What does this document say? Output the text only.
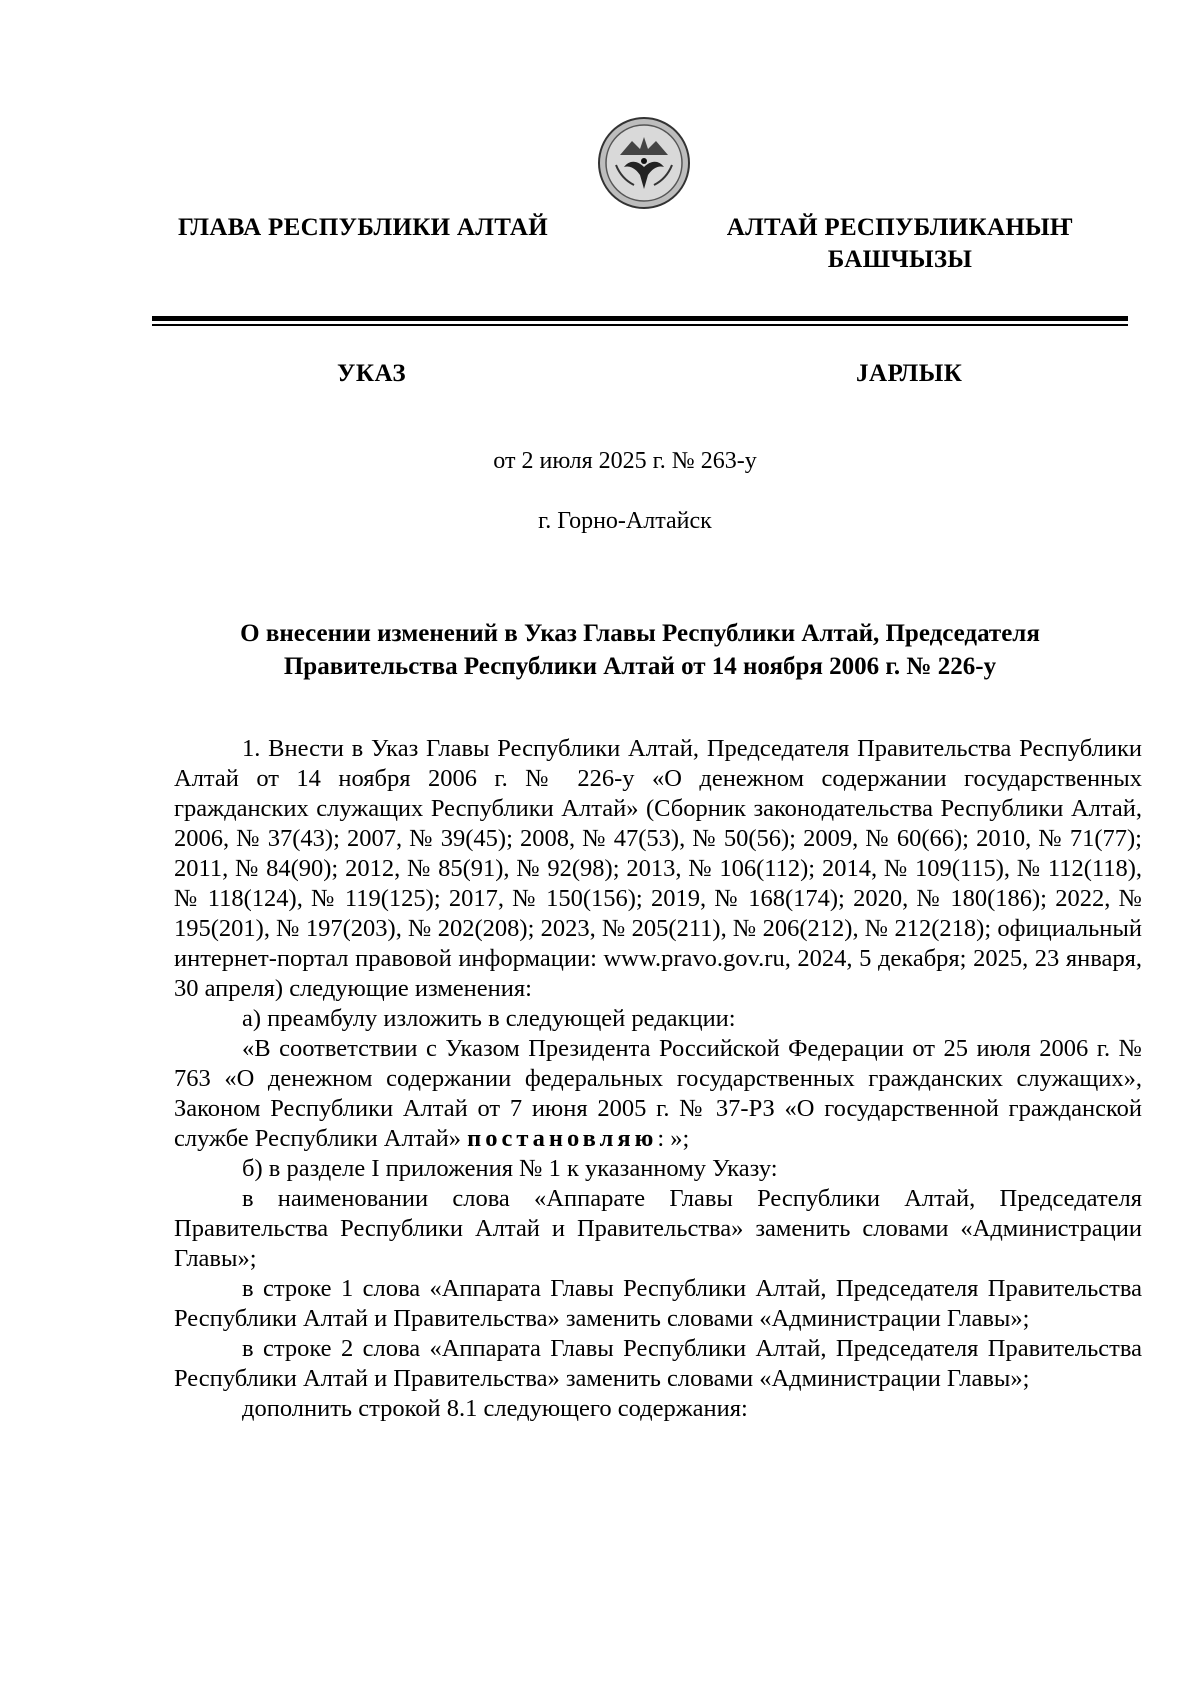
ГЛАВА РЕСПУБЛИКИ АЛТАЙ	АЛТАЙ РЕСПУБЛИКАНЫҤ
БАШЧЫЗЫ
УКАЗ	ЈАРЛЫК
от 2 июля 2025 г. № 263-у
г. Горно-Алтайск
О внесении изменений в Указ Главы Республики Алтай, Председателя
Правительства Республики Алтай от 14 ноября 2006 г. № 226-у

1. Внести в Указ Главы Республики Алтай, Председателя Правительства Республики Алтай от 14 ноября 2006 г. № 226-у «О денежном содержании государственных гражданских служащих Республики Алтай» (Сборник законодательства Республики Алтай, 2006, № 37(43); 2007, № 39(45); 2008, № 47(53), № 50(56); 2009, № 60(66); 2010, № 71(77); 2011, № 84(90); 2012, № 85(91), № 92(98); 2013, № 106(112); 2014, № 109(115), № 112(118), № 118(124), № 119(125); 2017, № 150(156); 2019, № 168(174); 2020, № 180(186); 2022, № 195(201), № 197(203), № 202(208); 2023, № 205(211), № 206(212), № 212(218); официальный интернет-портал правовой информации: www.pravo.gov.ru, 2024, 5 декабря; 2025, 23 января, 30 апреля) следующие изменения:

а) преамбулу изложить в следующей редакции:

«В соответствии с Указом Президента Российской Федерации от 25 июля 2006 г. № 763 «О денежном содержании федеральных государственных гражданских служащих», Законом Республики Алтай от 7 июня 2005 г. № 37-РЗ «О государственной гражданской службе Республики Алтай» постановляю: »;

б) в разделе I приложения № 1 к указанному Указу:

в наименовании слова «Аппарате Главы Республики Алтай, Председателя Правительства Республики Алтай и Правительства» заменить словами «Администрации Главы»;

в строке 1 слова «Аппарата Главы Республики Алтай, Председателя Правительства Республики Алтай и Правительства» заменить словами «Администрации Главы»;

в строке 2 слова «Аппарата Главы Республики Алтай, Председателя Правительства Республики Алтай и Правительства» заменить словами «Администрации Главы»;

дополнить строкой 8.1 следующего содержания:
